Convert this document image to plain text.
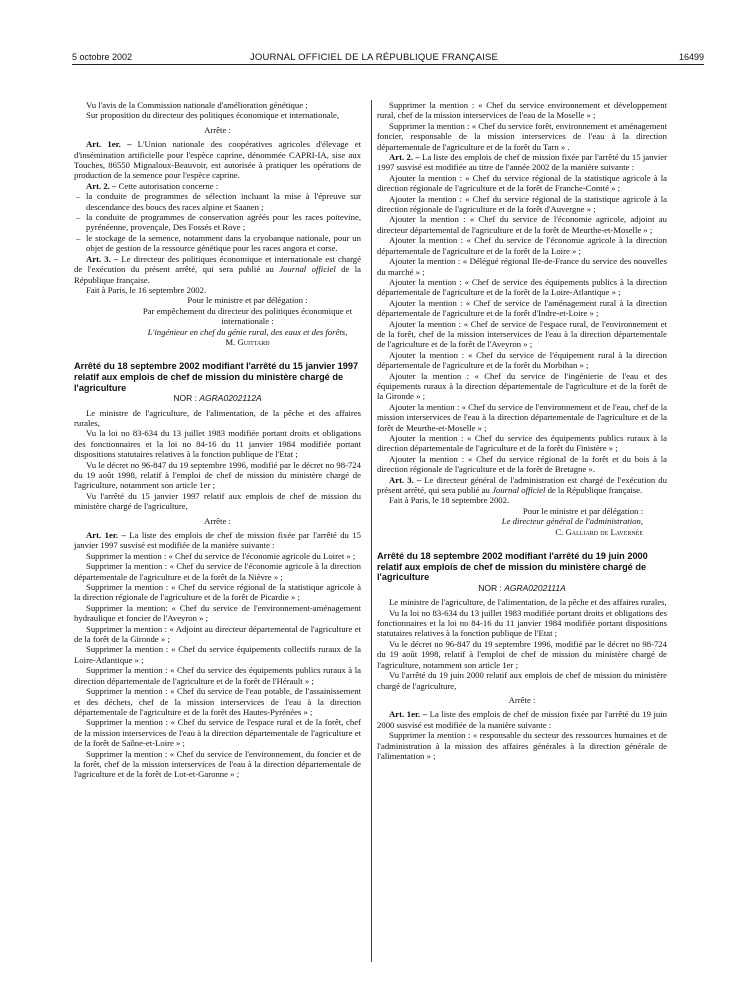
5 octobre 2002	JOURNAL OFFICIEL DE LA RÉPUBLIQUE FRANÇAISE	16499

Vu l'avis de la Commission nationale d'amélioration génétique ;

Sur proposition du directeur des politiques économique et internationale,

Arrête :

Art. 1er. – L'Union nationale des coopératives agricoles d'élevage et d'insémination artificielle pour l'espèce caprine, dénommée CAPRI-IA, sise aux Touches, 86550 Mignaloux-Beauvoir, est autorisée à pratiquer les opérations de production de la semence pour l'espèce caprine.

Art. 2. – Cette autorisation concerne :

– la conduite de programmes de sélection incluant la mise à l'épreuve sur descendance des boucs des races alpine et Saanen ;

– la conduite de programmes de conservation agréés pour les races poitevine, pyrénéenne, provençale, Des Fossés et Rove ;

– le stockage de la semence, notamment dans la cryobanque nationale, pour un objet de gestion de la ressource génétique pour les races angora et corse.

Art. 3. – Le directeur des politiques économique et internationale est chargé de l'exécution du présent arrêté, qui sera publié au Journal officiel de la République française.

Fait à Paris, le 16 septembre 2002.

Pour le ministre et par délégation :

Par empêchement du directeur des politiques économique et internationale :

L'ingénieur en chef du génie rural, des eaux et des forêts,

M. Guittard

Arrêté du 18 septembre 2002 modifiant l'arrêté du 15 janvier 1997 relatif aux emplois de chef de mission du ministère chargé de l'agriculture

NOR : AGRA0202112A

Le ministre de l'agriculture, de l'alimentation, de la pêche et des affaires rurales,

Vu la loi no 83-634 du 13 juillet 1983 modifiée portant droits et obligations des fonctionnaires et la loi no 84-16 du 11 janvier 1984 modifiée portant dispositions statutaires relatives à la fonction publique de l'Etat ;

Vu le décret no 96-847 du 19 septembre 1996, modifié par le décret no 98-724 du 19 août 1998, relatif à l'emploi de chef de mission du ministère chargé de l'agriculture, notamment son article 1er ;

Vu l'arrêté du 15 janvier 1997 relatif aux emplois de chef de mission du ministère chargé de l'agriculture,

Arrête :

Art. 1er. – La liste des emplois de chef de mission fixée par l'arrêté du 15 janvier 1997 susvisé est modifiée de la manière suivante :

Supprimer la mention : « Chef du service de l'économie agricole du Loiret » ;

Supprimer la mention : « Chef du service de l'économie agricole à la direction départementale de l'agriculture et de la forêt de la Nièvre » ;

Supprimer la mention : « Chef du service régional de la statistique agricole à la direction régionale de l'agriculture et de la forêt de Picardie » ;

Supprimer la mention: « Chef du service de l'environnement-aménagement hydraulique et foncier de l'Aveyron » ;

Supprimer la mention : « Adjoint au directeur départemental de l'agriculture et de la forêt de la Gironde » ;

Supprimer la mention : « Chef du service équipements collectifs ruraux de la Loire-Atlantique » ;

Supprimer la mention : « Chef du service des équipements publics ruraux à la direction départementale de l'agriculture et de la forêt de l'Hérault » ;

Supprimer la mention : « Chef du service de l'eau potable, de l'assainissement et des déchets, chef de la mission interservices de l'eau à la direction départementale de l'agriculture et de la forêt des Hautes-Pyrénées » ;

Supprimer la mention : « Chef du service de l'espace rural et de la forêt, chef de la mission interservices de l'eau à la direction départementale de l'agriculture et de la forêt de Saône-et-Loire » ;

Supprimer la mention : « Chef du service de l'environnement, du foncier et de la forêt, chef de la mission interservices de l'eau à la direction départementale de l'agriculture et de la forêt de Lot-et-Garonne » ;

Supprimer la mention : « Chef du service environnement et développement rural, chef de la mission interservices de l'eau de la Moselle » ;

Supprimer la mention : « Chef du service forêt, environnement et aménagement foncier, responsable de la mission interservices de l'eau à la direction départementale de l'agriculture et de la forêt du Tarn » .

Art. 2. – La liste des emplois de chef de mission fixée par l'arrêté du 15 janvier 1997 susvisé est modifiée au titre de l'année 2002 de la manière suivante :

Ajouter la mention : « Chef du service régional de la statistique agricole à la direction régionale de l'agriculture et de la forêt de Franche-Comté » ;

Ajouter la mention : « Chef du service régional de la statistique agricole à la direction régionale de l'agriculture et de la forêt d'Auvergne » ;

Ajouter la mention : « Chef du service de l'économie agricole, adjoint au directeur départemental de l'agriculture et de la forêt de Meurthe-et-Moselle » ;

Ajouter la mention : « Chef du service de l'économie agricole à la direction départementale de l'agriculture et de la forêt de la Loire » ;

Ajouter la mention : « Délégué régional Ile-de-France du service des nouvelles du marché » ;

Ajouter la mention : « Chef de service des équipements publics à la direction départementale de l'agriculture et de la forêt de la Loire-Atlantique » ;

Ajouter la mention : « Chef de service de l'aménagement rural à la direction départementale de l'agriculture et de la forêt d'Indre-et-Loire » ;

Ajouter la mention : « Chef de service de l'espace rural, de l'environnement et de la forêt, chef de la mission interservices de l'eau à la direction départementale de l'agriculture et de la forêt de l'Aveyron » ;

Ajouter la mention : « Chef du service de l'équipement rural à la direction départementale de l'agriculture et de la forêt du Morbihan » ;

Ajouter la mention : « Chef du service de l'ingénierie de l'eau et des équipements ruraux à la direction départementale de l'agriculture et de la forêt de la Gironde » ;

Ajouter la mention : « Chef du service de l'environnement et de l'eau, chef de la mission interservices de l'eau à la direction départementale de l'agriculture et de la forêt de Meurthe-et-Moselle » ;

Ajouter la mention : « Chef du service des équipements publics ruraux à la direction départementale de l'agriculture et de la forêt du Finistère » ;

Ajouter la mention : « Chef du service régional de la forêt et du bois à la direction régionale de l'agriculture et de la forêt de Bretagne ».

Art. 3. – Le directeur général de l'administration est chargé de l'exécution du présent arrêté, qui sera publié au Journal officiel de la République française.

Fait à Paris, le 18 septembre 2002.

Pour le ministre et par délégation :

Le directeur général de l'administration,

C. Galliard de Lavernée

Arrêté du 18 septembre 2002 modifiant l'arrêté du 19 juin 2000 relatif aux emplois de chef de mission du ministère chargé de l'agriculture

NOR : AGRA0202111A

Le ministre de l'agriculture, de l'alimentation, de la pêche et des affaires rurales,

Vu la loi no 83-634 du 13 juillet 1983 modifiée portant droits et obligations des fonctionnaires et la loi no 84-16 du 11 janvier 1984 modifiée portant dispositions statutaires relatives à la fonction publique de l'Etat ;

Vu le décret no 96-847 du 19 septembre 1996, modifié par le décret no 98-724 du 19 août 1998, relatif à l'emploi de chef de mission du ministère chargé de l'agriculture, notamment son article 1er ;

Vu l'arrêté du 19 juin 2000 relatif aux emplois de chef de mission du ministère chargé de l'agriculture,

Arrête :

Art. 1er. – La liste des emplois de chef de mission fixée par l'arrêté du 19 juin 2000 susvisé est modifiée de la manière suivante :

Supprimer la mention : « responsable du secteur des ressources humaines et de l'administration à la mission des affaires générales à la direction générale de l'alimentation » ;
